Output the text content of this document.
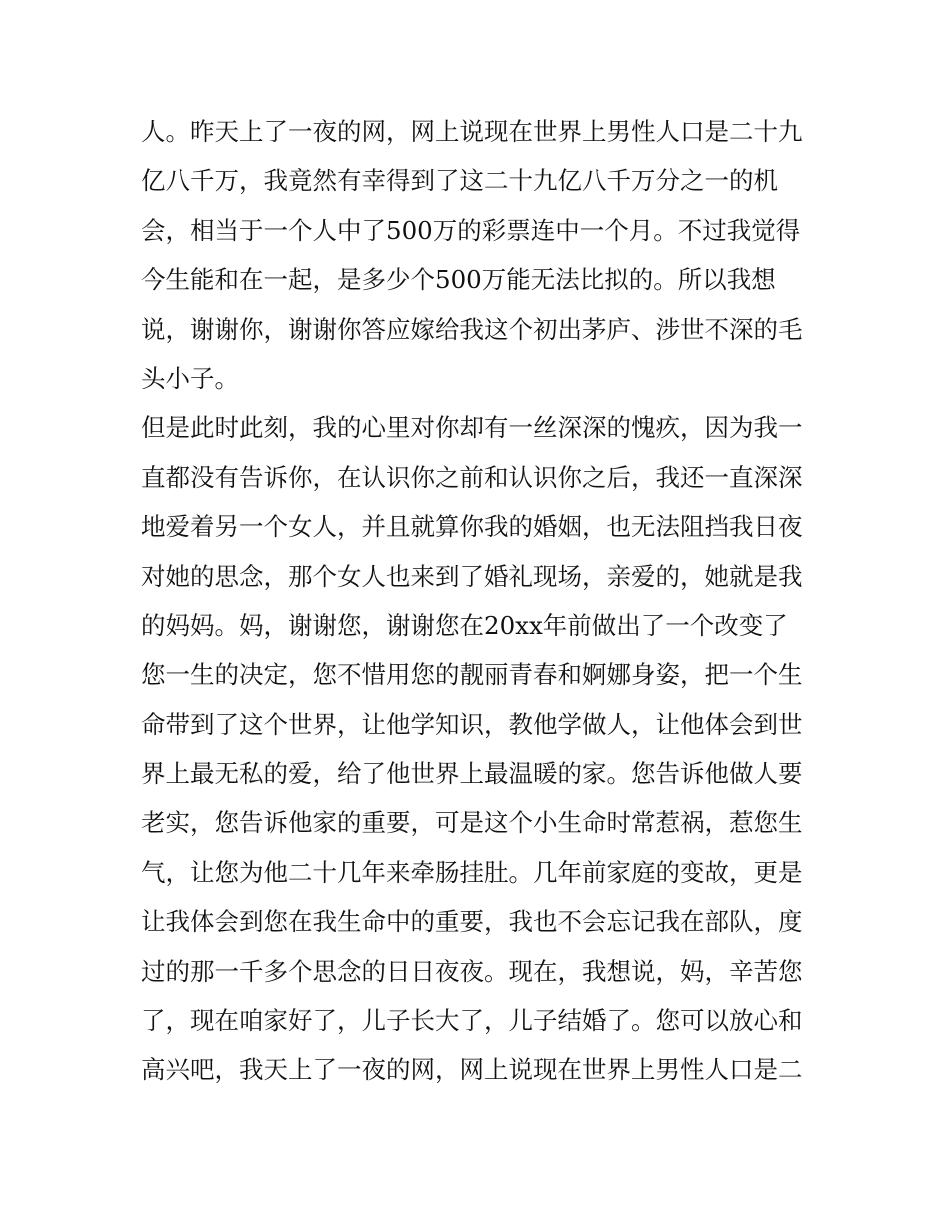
人。昨天上了一夜的网，网上说现在世界上男性人口是二十九
亿八千万，我竟然有幸得到了这二十九亿八千万分之一的机
会，相当于一个人中了500万的彩票连中一个月。不过我觉得
今生能和在一起，是多少个500万能无法比拟的。所以我想
说，谢谢你，谢谢你答应嫁给我这个初出茅庐、涉世不深的毛
头小子。
但是此时此刻，我的心里对你却有一丝深深的愧疚，因为我一
直都没有告诉你，在认识你之前和认识你之后，我还一直深深
地爱着另一个女人，并且就算你我的婚姻，也无法阻挡我日夜
对她的思念，那个女人也来到了婚礼现场，亲爱的，她就是我
的妈妈。妈，谢谢您，谢谢您在20xx年前做出了一个改变了
您一生的决定，您不惜用您的靓丽青春和婀娜身姿，把一个生
命带到了这个世界，让他学知识，教他学做人，让他体会到世
界上最无私的爱，给了他世界上最温暖的家。您告诉他做人要
老实，您告诉他家的重要，可是这个小生命时常惹祸，惹您生
气，让您为他二十几年来牵肠挂肚。几年前家庭的变故，更是
让我体会到您在我生命中的重要，我也不会忘记我在部队，度
过的那一千多个思念的日日夜夜。现在，我想说，妈，辛苦您
了，现在咱家好了，儿子长大了，儿子结婚了。您可以放心和
高兴吧，我天上了一夜的网，网上说现在世界上男性人口是二
